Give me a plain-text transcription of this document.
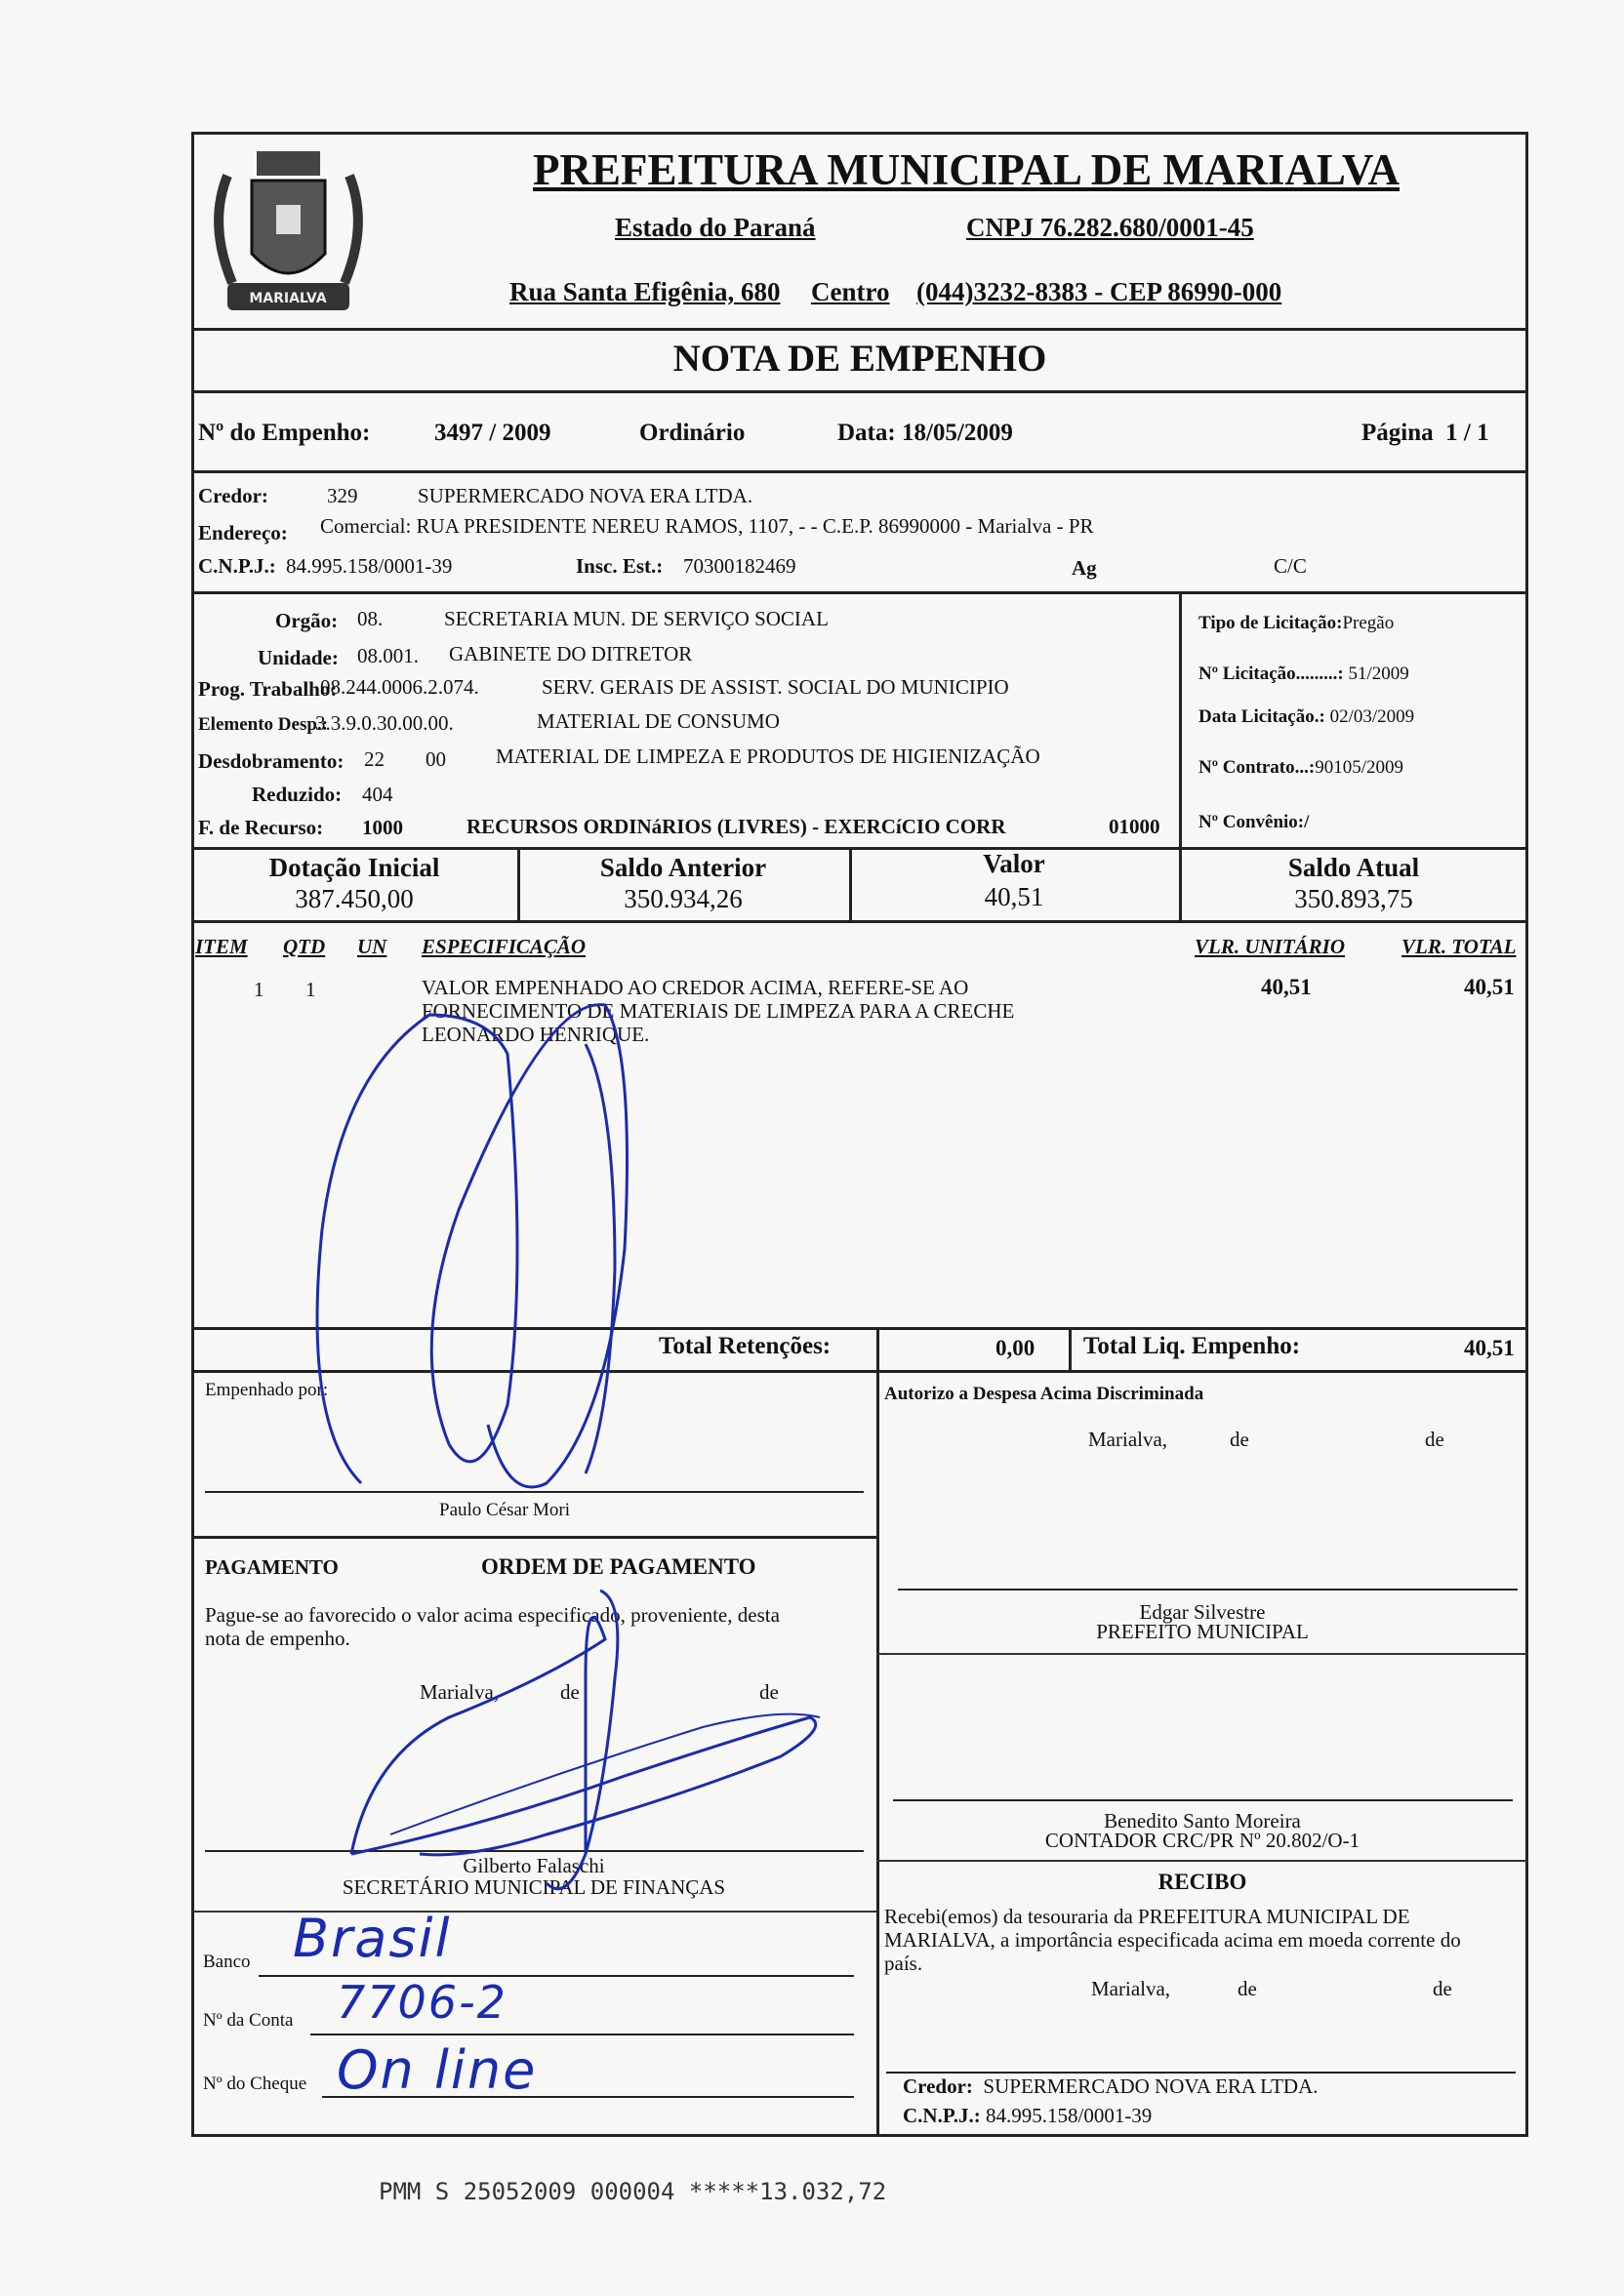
MARIALVA
PREFEITURA MUNICIPAL DE MARIALVA
Estado do Paraná	CNPJ 76.282.680/0001-45
Rua Santa Efigênia, 680 Centro (044)3232-8383 - CEP 86990-000
NOTA DE EMPENHO
Nº do Empenho:	3497 / 2009	Ordinário	Data: 18/05/2009	Página 1 / 1
Credor:	329	SUPERMERCADO NOVA ERA LTDA.
Endereço: Comercial: RUA PRESIDENTE NEREU RAMOS, 1107, - - C.E.P. 86990000 - Marialva - PR
C.N.P.J.: 84.995.158/0001-39	Insc. Est.: 70300182469	Ag	C/C
Orgão: 08.	SECRETARIA MUN. DE SERVIÇO SOCIAL
Unidade: 08.001. GABINETE DO DITRETOR
Prog. Trabalho:
08.244.0006.2.074.	SERV. GERAIS DE ASSIST. SOCIAL DO MUNICIPIO
Elemento Desp.:
3.3.9.0.30.00.00.	MATERIAL DE CONSUMO
Desdobramento: 22 00 MATERIAL DE LIMPEZA E PRODUTOS DE HIGIENIZAÇÃO
Reduzido: 404
F. de Recurso: 1000	RECURSOS ORDINáRIOS (LIVRES) - EXERCíCIO CORR	01000
Tipo de Licitação:Pregão
Nº Licitação.........: 51/2009
Data Licitação.: 02/03/2009
Nº Contrato...:90105/2009
Nº Convênio:/
Dotação Inicial
387.450,00
Saldo Anterior
350.934,26
Valor
40,51
Saldo Atual
350.893,75
ITEM QTD UN ESPECIFICAÇÃO	VLR. UNITÁRIO	VLR. TOTAL
1 1	VALOR EMPENHADO AO CREDOR ACIMA, REFERE-SE AO
FORNECIMENTO DE MATERIAIS DE LIMPEZA PARA A CRECHE
LEONARDO HENRIQUE.
40,51	40,51
Total Retenções:	0,00 Total Liq. Empenho:	40,51
Empenhado por:
Paulo César Mori
Autorizo a Despesa Acima Discriminada
Marialva,	de	de
Edgar Silvestre
PREFEITO MUNICIPAL
Benedito Santo Moreira
CONTADOR CRC/PR Nº 20.802/O-1
PAGAMENTO	ORDEM DE PAGAMENTO
Pague-se ao favorecido o valor acima especificado, proveniente, desta
nota de empenho.
Marialva,	de	de
Gilberto Falaschi
SECRETÁRIO MUNICIPAL DE FINANÇAS
Banco
Nº da Conta
Nº do Cheque
Brasil
7706-2
On line
RECIBO
Recebi(emos) da tesouraria da PREFEITURA MUNICIPAL DE
MARIALVA, a importância especificada acima em moeda corrente do
país.
Marialva,	de	de
Credor: SUPERMERCADO NOVA ERA LTDA.
C.N.P.J.: 84.995.158/0001-39
PMM S 25052009 000004 *****13.032,72
